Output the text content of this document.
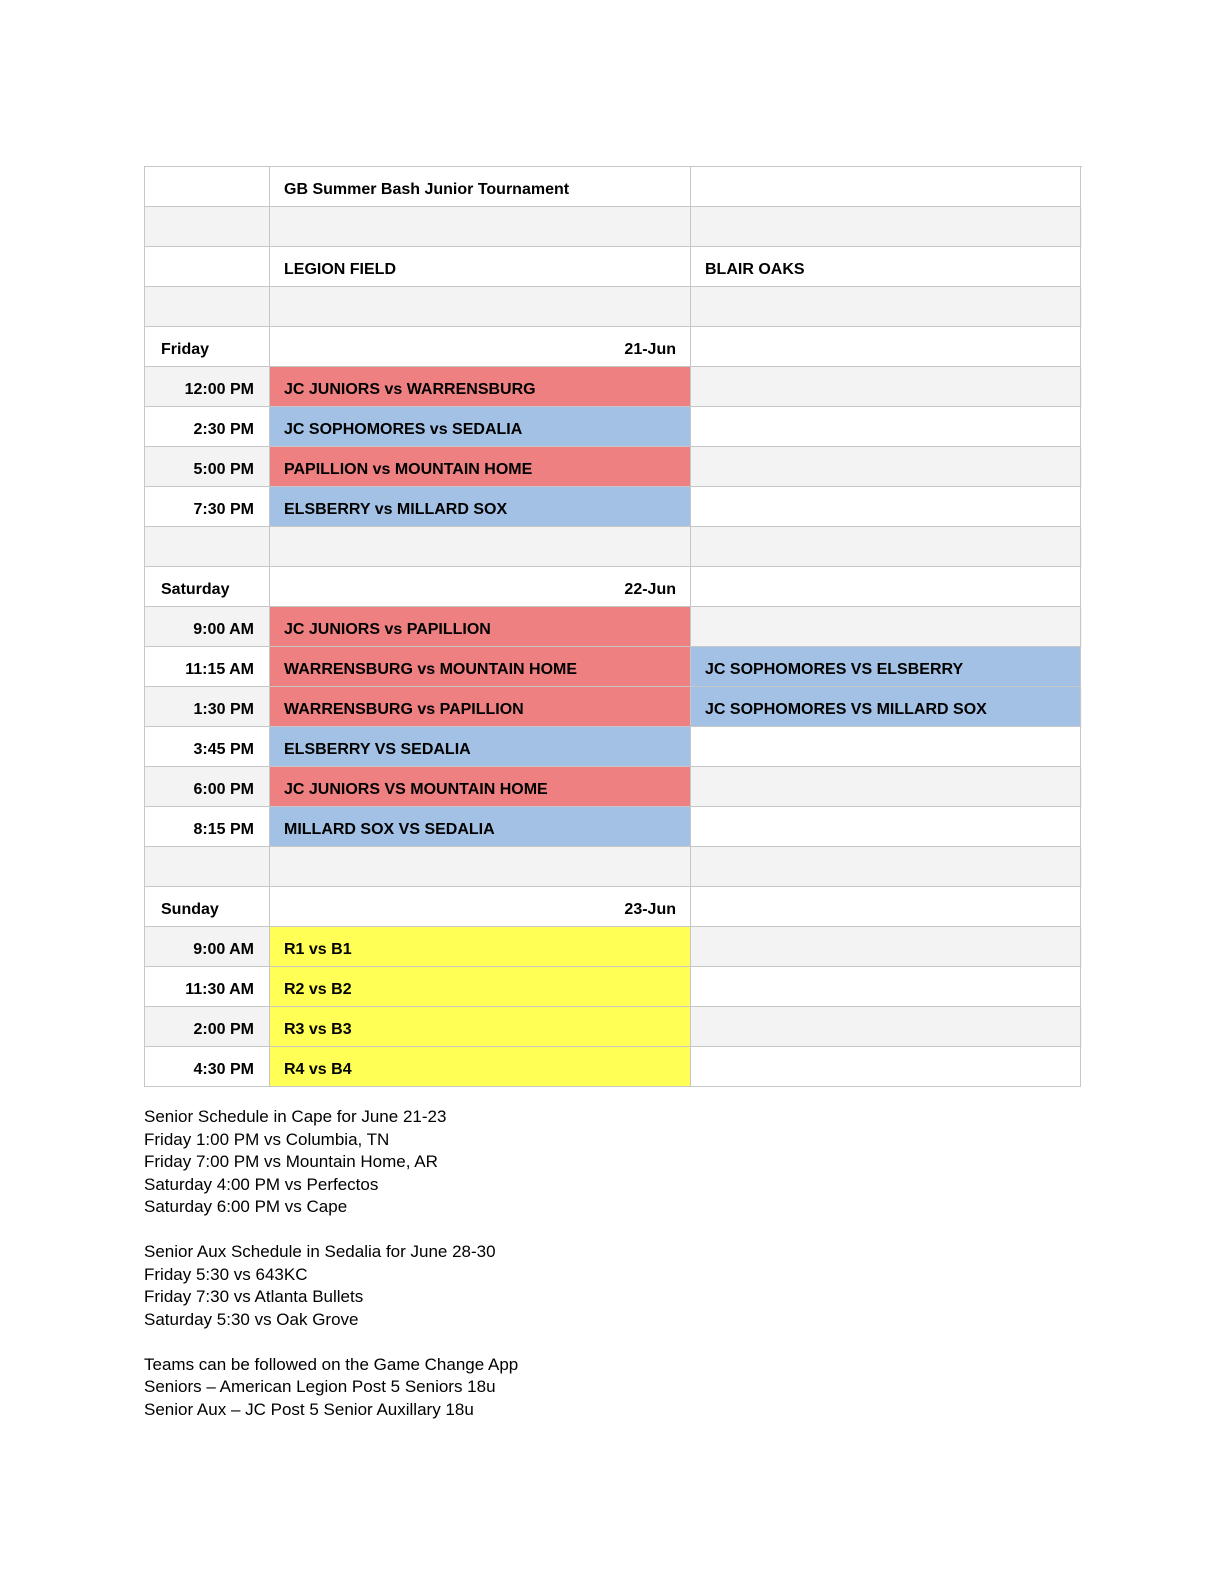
GB Summer Bash Junior Tournament
LEGION FIELD	BLAIR OAKS
Friday	21-Jun
12:00 PM	JC JUNIORS vs WARRENSBURG
2:30 PM	JC SOPHOMORES vs SEDALIA
5:00 PM	PAPILLION vs MOUNTAIN HOME
7:30 PM	ELSBERRY vs MILLARD SOX
Saturday	22-Jun
9:00 AM	JC JUNIORS vs PAPILLION
11:15 AM	WARRENSBURG vs MOUNTAIN HOME	JC SOPHOMORES VS ELSBERRY
1:30 PM	WARRENSBURG vs PAPILLION	JC SOPHOMORES VS MILLARD SOX
3:45 PM	ELSBERRY VS SEDALIA
6:00 PM	JC JUNIORS VS MOUNTAIN HOME
8:15 PM	MILLARD SOX VS SEDALIA
Sunday	23-Jun
9:00 AM	R1 vs B1
11:30 AM	R2 vs B2
2:00 PM	R3 vs B3
4:30 PM	R4 vs B4

Senior Schedule in Cape for June 21-23
Friday 1:00 PM vs Columbia, TN
Friday 7:00 PM vs Mountain Home, AR
Saturday 4:00 PM vs Perfectos
Saturday 6:00 PM vs Cape

Senior Aux Schedule in Sedalia for June 28-30
Friday 5:30 vs 643KC
Friday 7:30 vs Atlanta Bullets
Saturday 5:30 vs Oak Grove

Teams can be followed on the Game Change App
Seniors – American Legion Post 5 Seniors 18u
Senior Aux – JC Post 5 Senior Auxillary 18u
